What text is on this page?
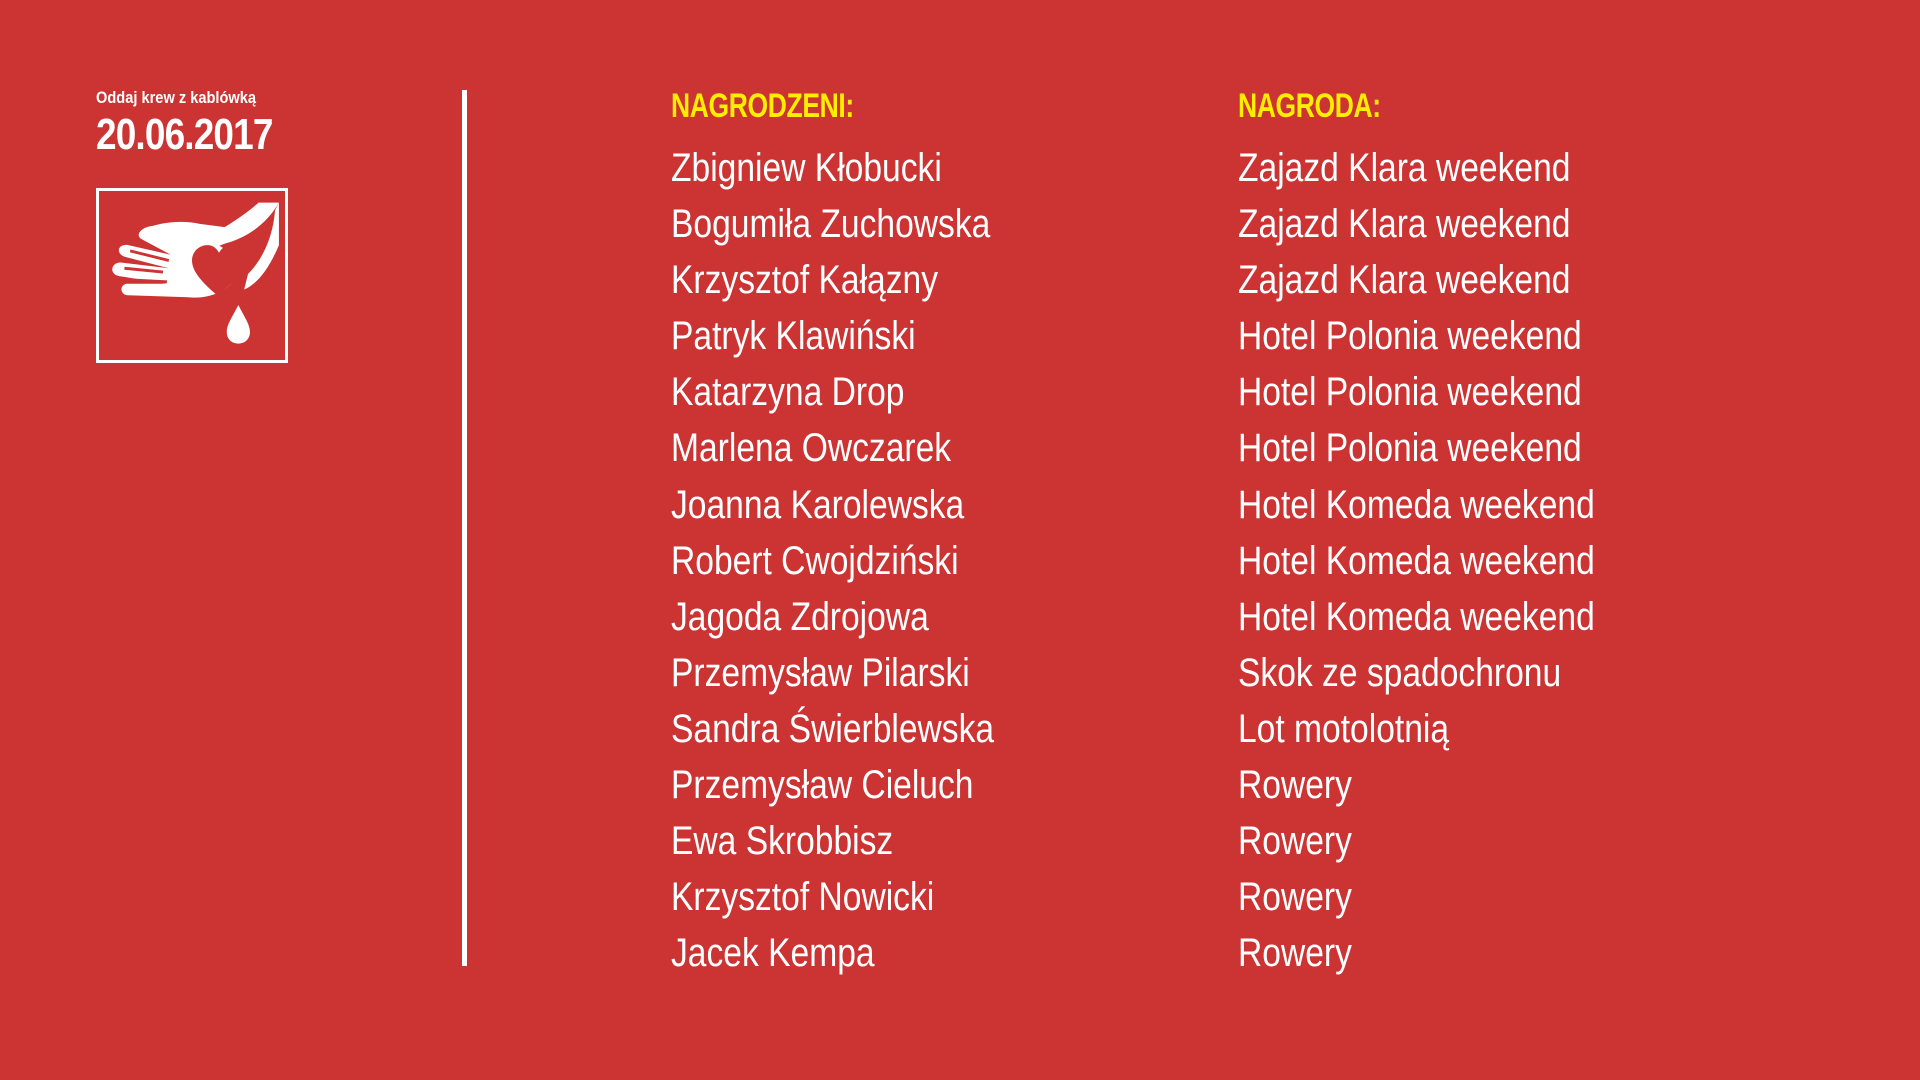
Oddaj krew z kablówką
20.06.2017
NAGRODZENI:
Zbigniew Kłobucki
Bogumiła Zuchowska
Krzysztof Kałązny
Patryk Klawiński
Katarzyna Drop
Marlena Owczarek
Joanna Karolewska
Robert Cwojdziński
Jagoda Zdrojowa
Przemysław Pilarski
Sandra Świerblewska
Przemysław Cieluch
Ewa Skrobbisz
Krzysztof Nowicki
Jacek Kempa
NAGRODA:
Zajazd Klara weekend
Zajazd Klara weekend
Zajazd Klara weekend
Hotel Polonia weekend
Hotel Polonia weekend
Hotel Polonia weekend
Hotel Komeda weekend
Hotel Komeda weekend
Hotel Komeda weekend
Skok ze spadochronu
Lot motolotnią
Rowery
Rowery
Rowery
Rowery
